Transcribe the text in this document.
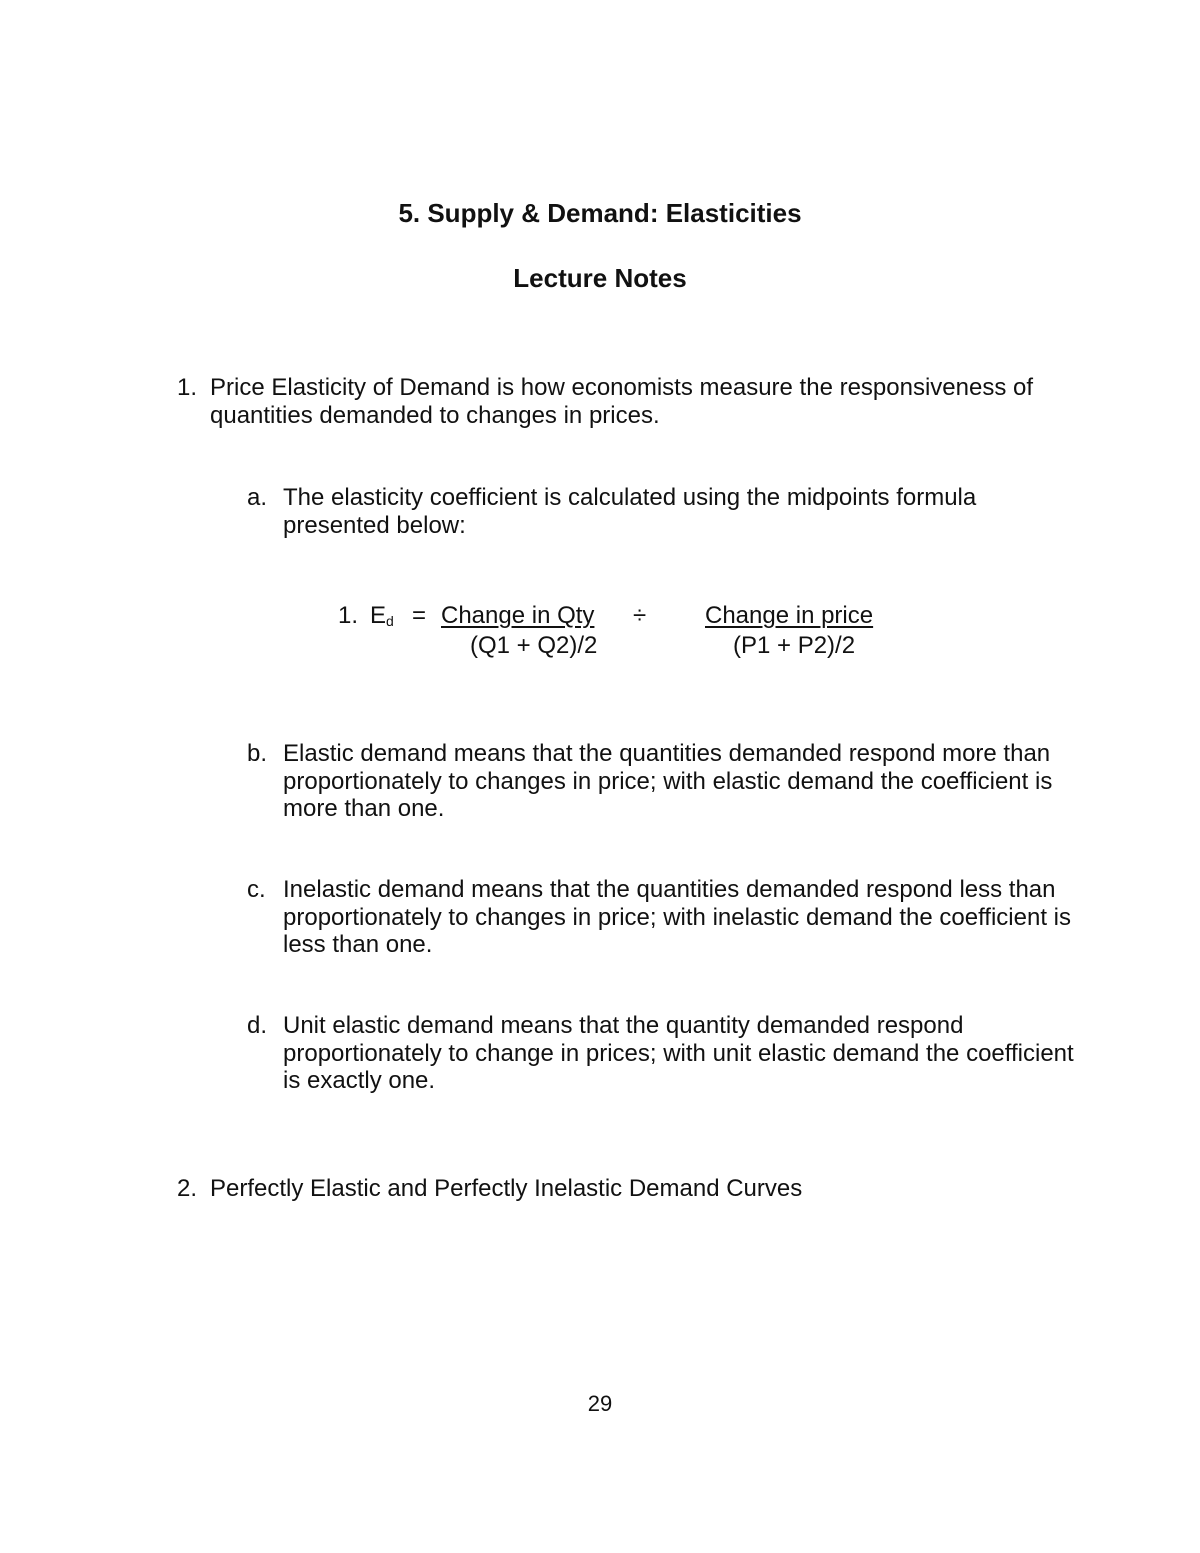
5. Supply & Demand: Elasticities
Lecture Notes
1. Price Elasticity of Demand is how economists measure the responsiveness of
quantities demanded to changes in prices.
a. The elasticity coefficient is calculated using the midpoints formula
presented below:
1. $E_d$ = Change in Qty
(Q1 + Q2)/2
÷ Change in price
(P1 + P2)/2
b. Elastic demand means that the quantities demanded respond more than
proportionately to changes in price; with elastic demand the coefficient is
more than one.
c. Inelastic demand means that the quantities demanded respond less than
proportionately to changes in price; with inelastic demand the coefficient is
less than one.
d. Unit elastic demand means that the quantity demanded respond
proportionately to change in prices; with unit elastic demand the coefficient
is exactly one.
2. Perfectly Elastic and Perfectly Inelastic Demand Curves
29
